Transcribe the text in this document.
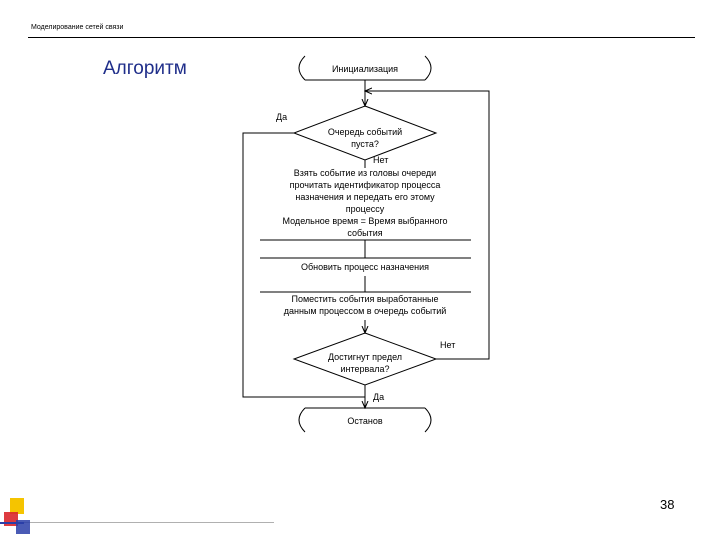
Моделирование сетей связи
Алгоритм	Инициализация
Очередь событий
пуста?
Да
Нет
Взять событие из головы очереди
прочитать идентификатор процесса
назначения и передать его этому
процессу
Модельное время = Время выбранного
события
Обновить процесс назначения
Поместить события выработанные
данным процессом в очередь событий
Достигнут предел
интервала?
Нет
Да
Останов
38
